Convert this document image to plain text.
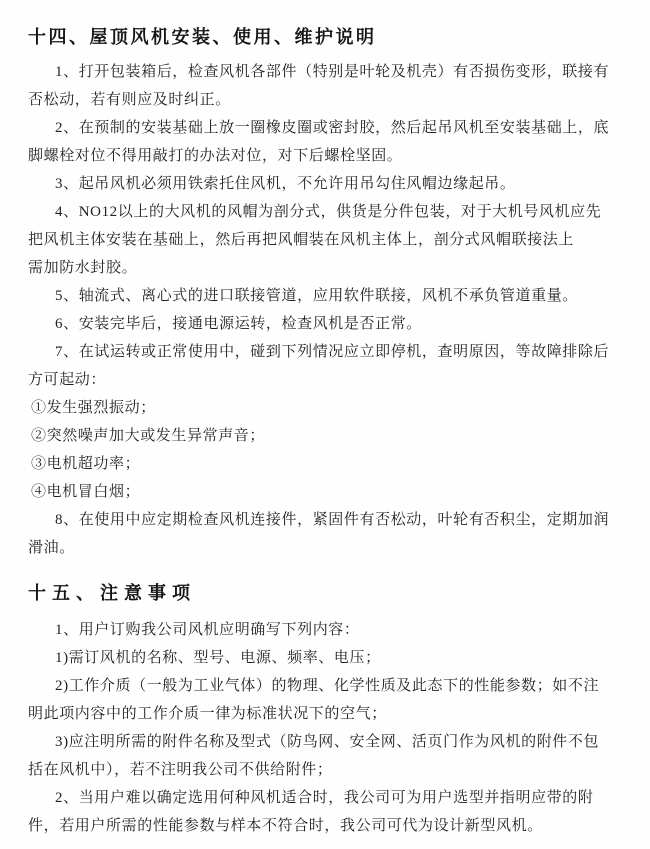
十四、屋顶风机安装、使用、维护说明
1、打开包装箱后，检查风机各部件（特别是叶轮及机壳）有否损伤变形，联接有
否松动，若有则应及时纠正。
2、在预制的安装基础上放一圈橡皮圈或密封胶，然后起吊风机至安装基础上，底
脚螺栓对位不得用敲打的办法对位，对下后螺栓坚固。
3、起吊风机必须用铁索托住风机，不允许用吊勾住风帽边缘起吊。
4、NO12以上的大风机的风帽为剖分式，供货是分件包装，对于大机号风机应先
把风机主体安装在基础上，然后再把风帽装在风机主体上，剖分式风帽联接法上
需加防水封胶。
5、轴流式、离心式的进口联接管道，应用软件联接，风机不承负管道重量。
6、安装完毕后，接通电源运转，检查风机是否正常。
7、在试运转或正常使用中，碰到下列情况应立即停机，查明原因，等故障排除后
方可起动：
①发生强烈振动；
②突然噪声加大或发生异常声音；
③电机超功率；
④电机冒白烟；
8、在使用中应定期检查风机连接件，紧固件有否松动，叶轮有否积尘，定期加润
滑油。
十五、注意事项
1、用户订购我公司风机应明确写下列内容：
1)需订风机的名称、型号、电源、频率、电压；
2)工作介质（一般为工业气体）的物理、化学性质及此态下的性能参数；如不注
明此项内容中的工作介质一律为标准状况下的空气；
3)应注明所需的附件名称及型式（防鸟网、安全网、活页门作为风机的附件不包
括在风机中），若不注明我公司不供给附件；
2、当用户难以确定选用何种风机适合时，我公司可为用户选型并指明应带的附
件，若用户所需的性能参数与样本不符合时，我公司可代为设计新型风机。
